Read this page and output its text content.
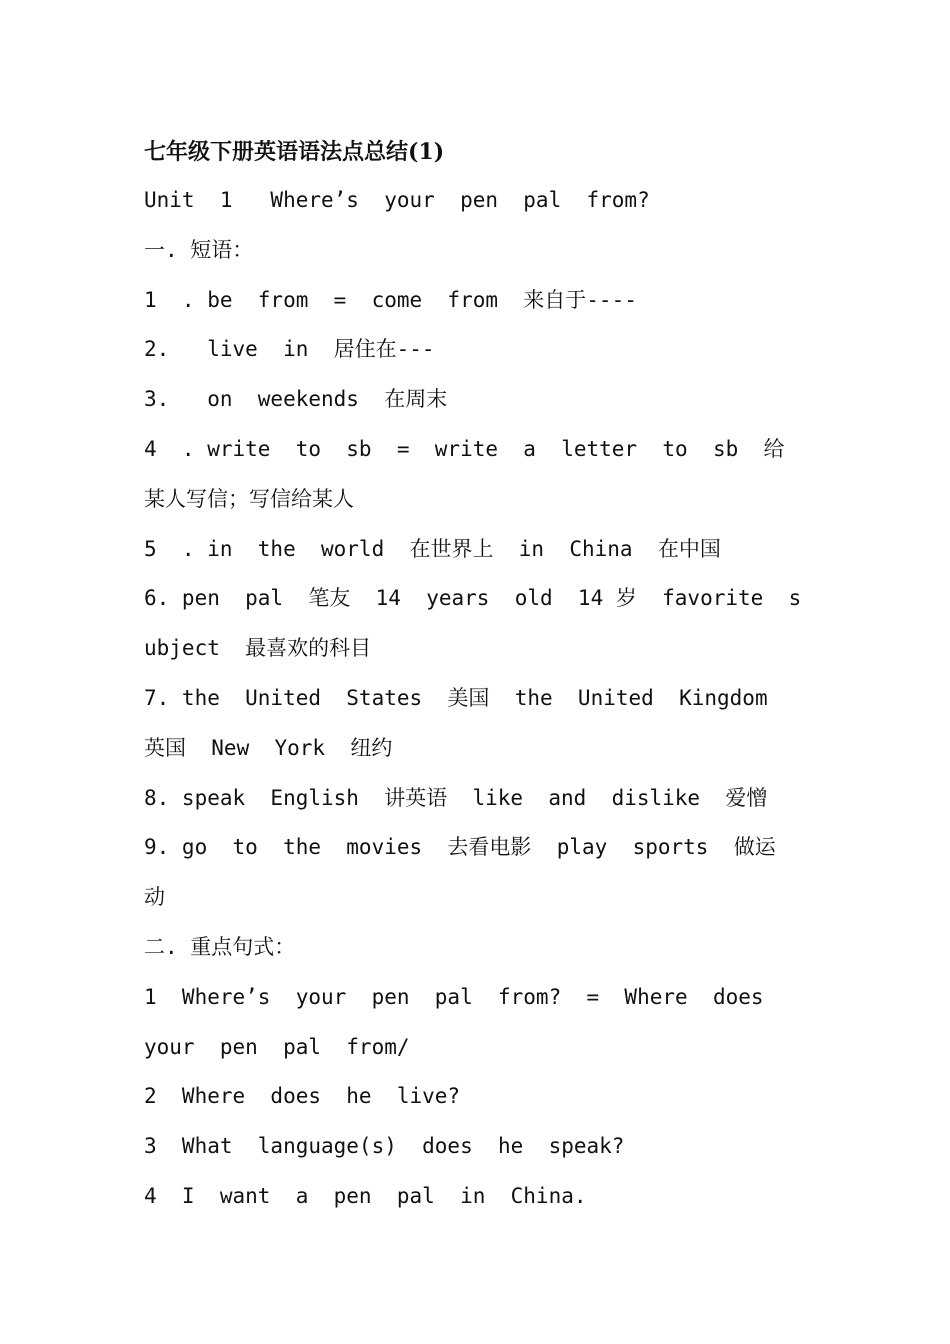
七年级下册英语语法点总结(1)
Unit  1   Where’s  your  pen  pal  from?
一. 短语：
1  . be  from  =  come  from  来自于----
2.   live  in  居住在---
3.   on  weekends  在周末
4  . write  to  sb  =  write  a  letter  to  sb  给
某人写信；写信给某人
5  . in  the  world  在世界上  in  China  在中国
6. pen  pal  笔友  14  years  old  14 岁  favorite  s
ubject  最喜欢的科目
7. the  United  States  美国  the  United  Kingdom
英国  New  York  纽约
8. speak  English  讲英语  like  and  dislike  爱憎
9. go  to  the  movies  去看电影  play  sports  做运
动
二. 重点句式：
1  Where’s  your  pen  pal  from?  =  Where  does
your  pen  pal  from/
2  Where  does  he  live?
3  What  language(s)  does  he  speak?
4  I  want  a  pen  pal  in  China.
